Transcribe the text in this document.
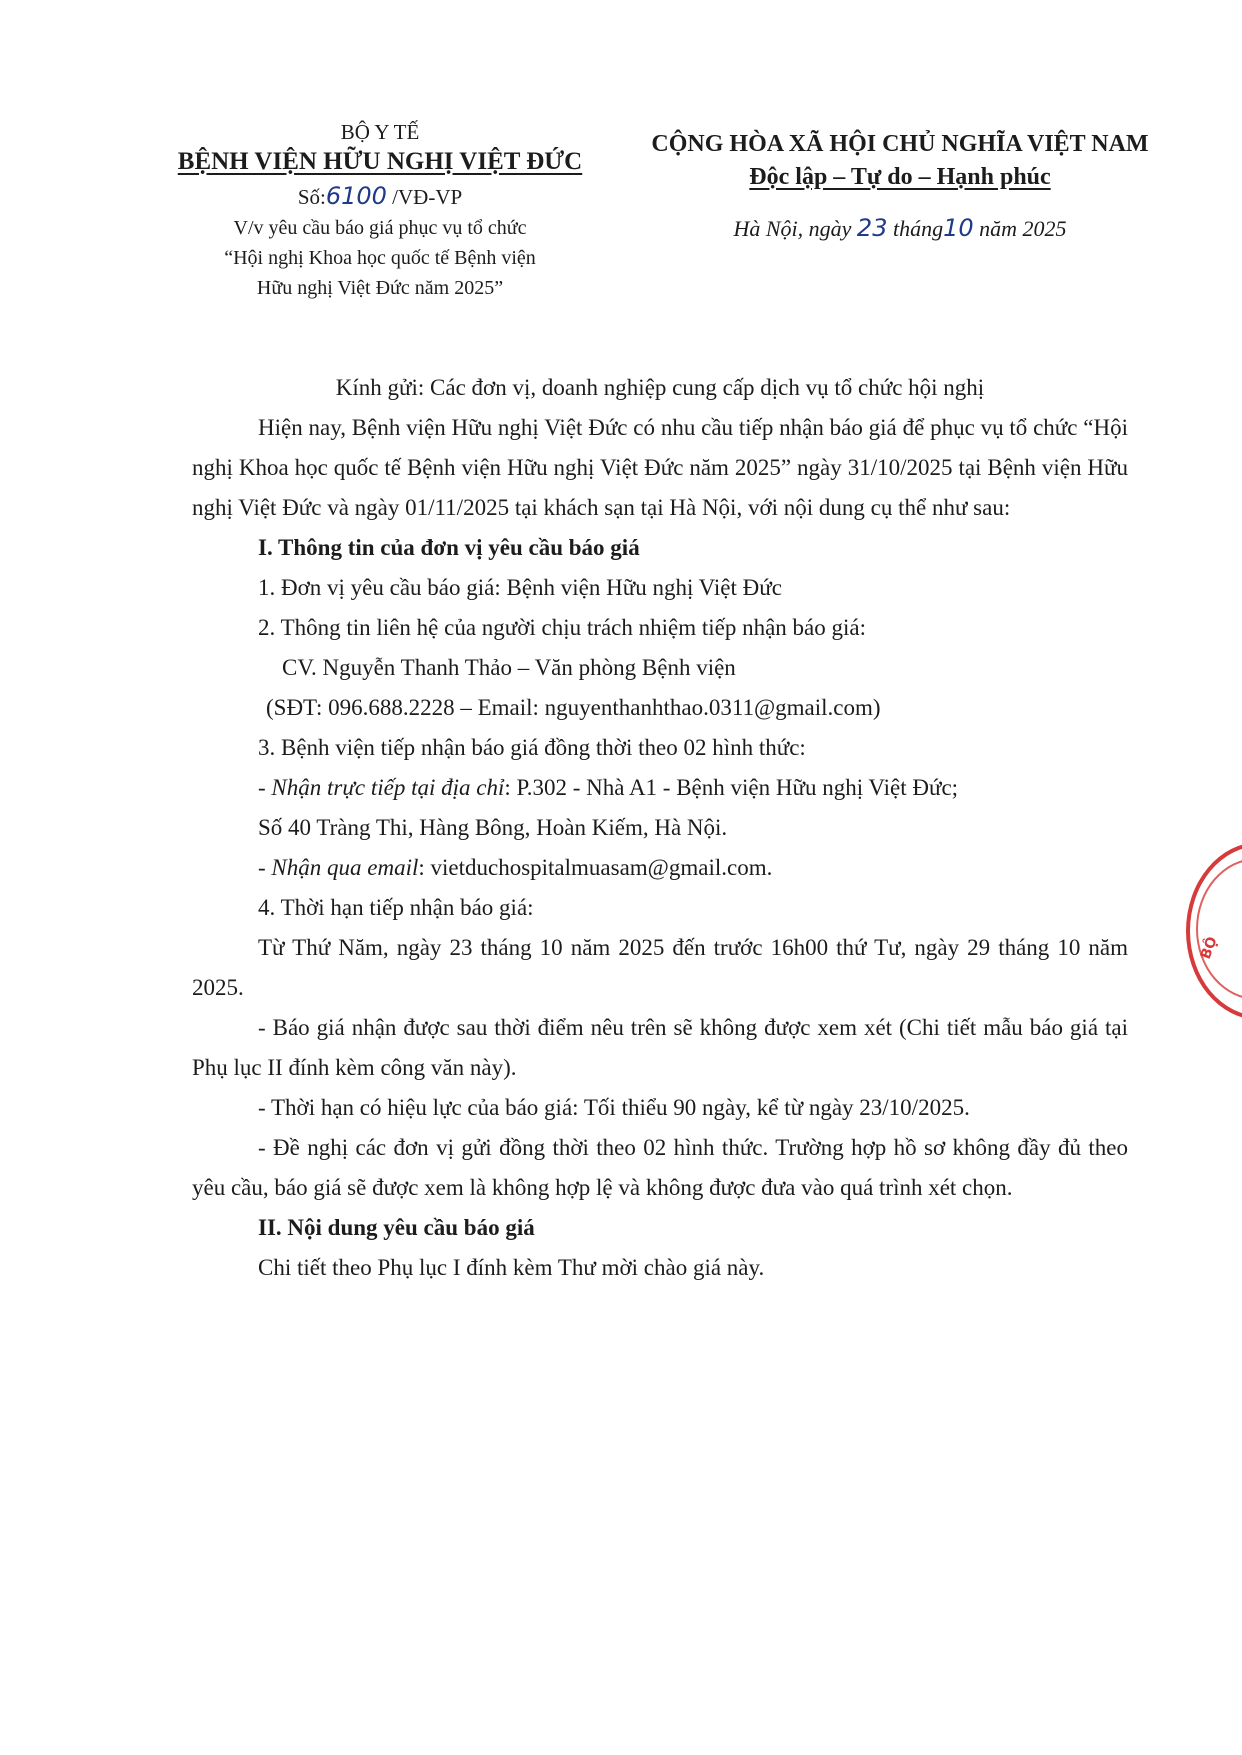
BỘ Y TẾ
BỆNH VIỆN HỮU NGHỊ VIỆT ĐỨC
Số:6100 /VĐ-VP
V/v yêu cầu báo giá phục vụ tổ chức
“Hội nghị Khoa học quốc tế Bệnh viện
Hữu nghị Việt Đức năm 2025”
CỘNG HÒA XÃ HỘI CHỦ NGHĨA VIỆT NAM
Độc lập – Tự do – Hạnh phúc
Hà Nội, ngày 23 tháng10 năm 2025

Kính gửi: Các đơn vị, doanh nghiệp cung cấp dịch vụ tổ chức hội nghị

Hiện nay, Bệnh viện Hữu nghị Việt Đức có nhu cầu tiếp nhận báo giá để phục vụ tổ chức “Hội nghị Khoa học quốc tế Bệnh viện Hữu nghị Việt Đức năm 2025” ngày 31/10/2025 tại Bệnh viện Hữu nghị Việt Đức và ngày 01/11/2025 tại khách sạn tại Hà Nội, với nội dung cụ thể như sau:

I. Thông tin của đơn vị yêu cầu báo giá

1. Đơn vị yêu cầu báo giá: Bệnh viện Hữu nghị Việt Đức

2. Thông tin liên hệ của người chịu trách nhiệm tiếp nhận báo giá:

CV. Nguyễn Thanh Thảo – Văn phòng Bệnh viện

(SĐT: 096.688.2228 – Email: nguyenthanhthao.0311@gmail.com)

3. Bệnh viện tiếp nhận báo giá đồng thời theo 02 hình thức:

- Nhận trực tiếp tại địa chỉ: P.302 - Nhà A1 - Bệnh viện Hữu nghị Việt Đức;

Số 40 Tràng Thi, Hàng Bông, Hoàn Kiếm, Hà Nội.

- Nhận qua email: vietduchospitalmuasam@gmail.com.

4. Thời hạn tiếp nhận báo giá:

Từ Thứ Năm, ngày 23 tháng 10 năm 2025 đến trước 16h00 thứ Tư, ngày 29 tháng 10 năm 2025.

- Báo giá nhận được sau thời điểm nêu trên sẽ không được xem xét (Chi tiết mẫu báo giá tại Phụ lục II đính kèm công văn này).

- Thời hạn có hiệu lực của báo giá: Tối thiểu 90 ngày, kể từ ngày 23/10/2025.

- Đề nghị các đơn vị gửi đồng thời theo 02 hình thức. Trường hợp hồ sơ không đầy đủ theo yêu cầu, báo giá sẽ được xem là không hợp lệ và không được đưa vào quá trình xét chọn.

II. Nội dung yêu cầu báo giá

Chi tiết theo Phụ lục I đính kèm Thư mời chào giá này.

BỘ
